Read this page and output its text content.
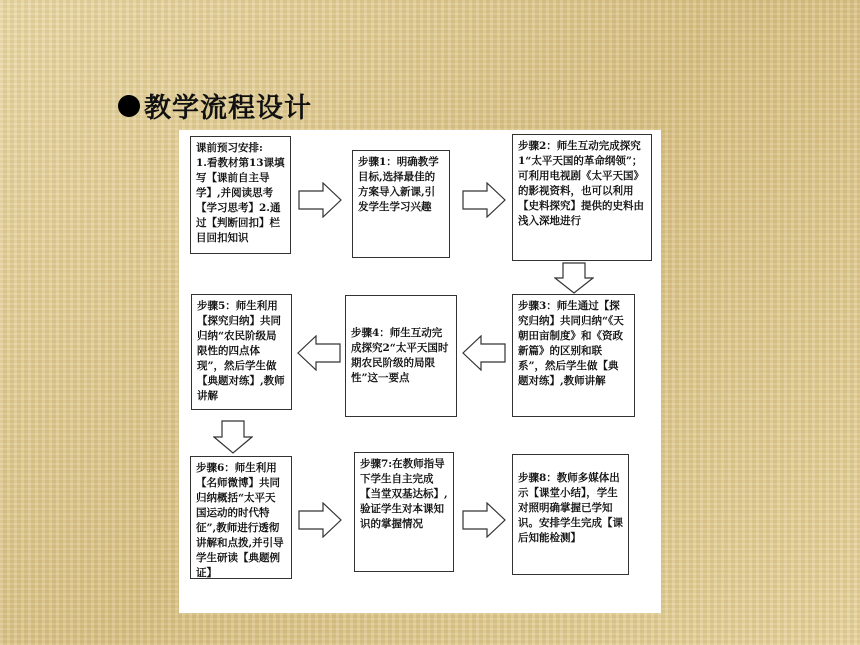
教学流程设计
课前预习安排:
1.看教材第13课填写【课前自主导学】,并阅读思考【学习思考】2.通过【判断回扣】栏目回扣知识
步骤1：明确教学目标,选择最佳的方案导入新课,引发学生学习兴趣
步骤2：师生互动完成探究1“太平天国的革命纲领”；可利用电视剧《太平天国》的影视资料，也可以利用【史料探究】提供的史料由浅入深地进行
步骤5：师生利用【探究归纳】共同归纳“农民阶级局限性的四点体现”，然后学生做【典题对练】,教师讲解
步骤4：师生互动完成探究2“太平天国时期农民阶级的局限性”这一要点
步骤3：师生通过【探究归纳】共同归纳“《天朝田亩制度》和《资政新篇》的区别和联系”，然后学生做【典题对练】,教师讲解
步骤6：师生利用【名师微博】共同归纳概括“太平天国运动的时代特征”,教师进行透彻讲解和点拨,并引导学生研读【典题例证】
步骤7:在教师指导下学生自主完成【当堂双基达标】,验证学生对本课知识的掌握情况
步骤8：教师多媒体出示【课堂小结】，学生对照明确掌握已学知识。安排学生完成【课后知能检测】
